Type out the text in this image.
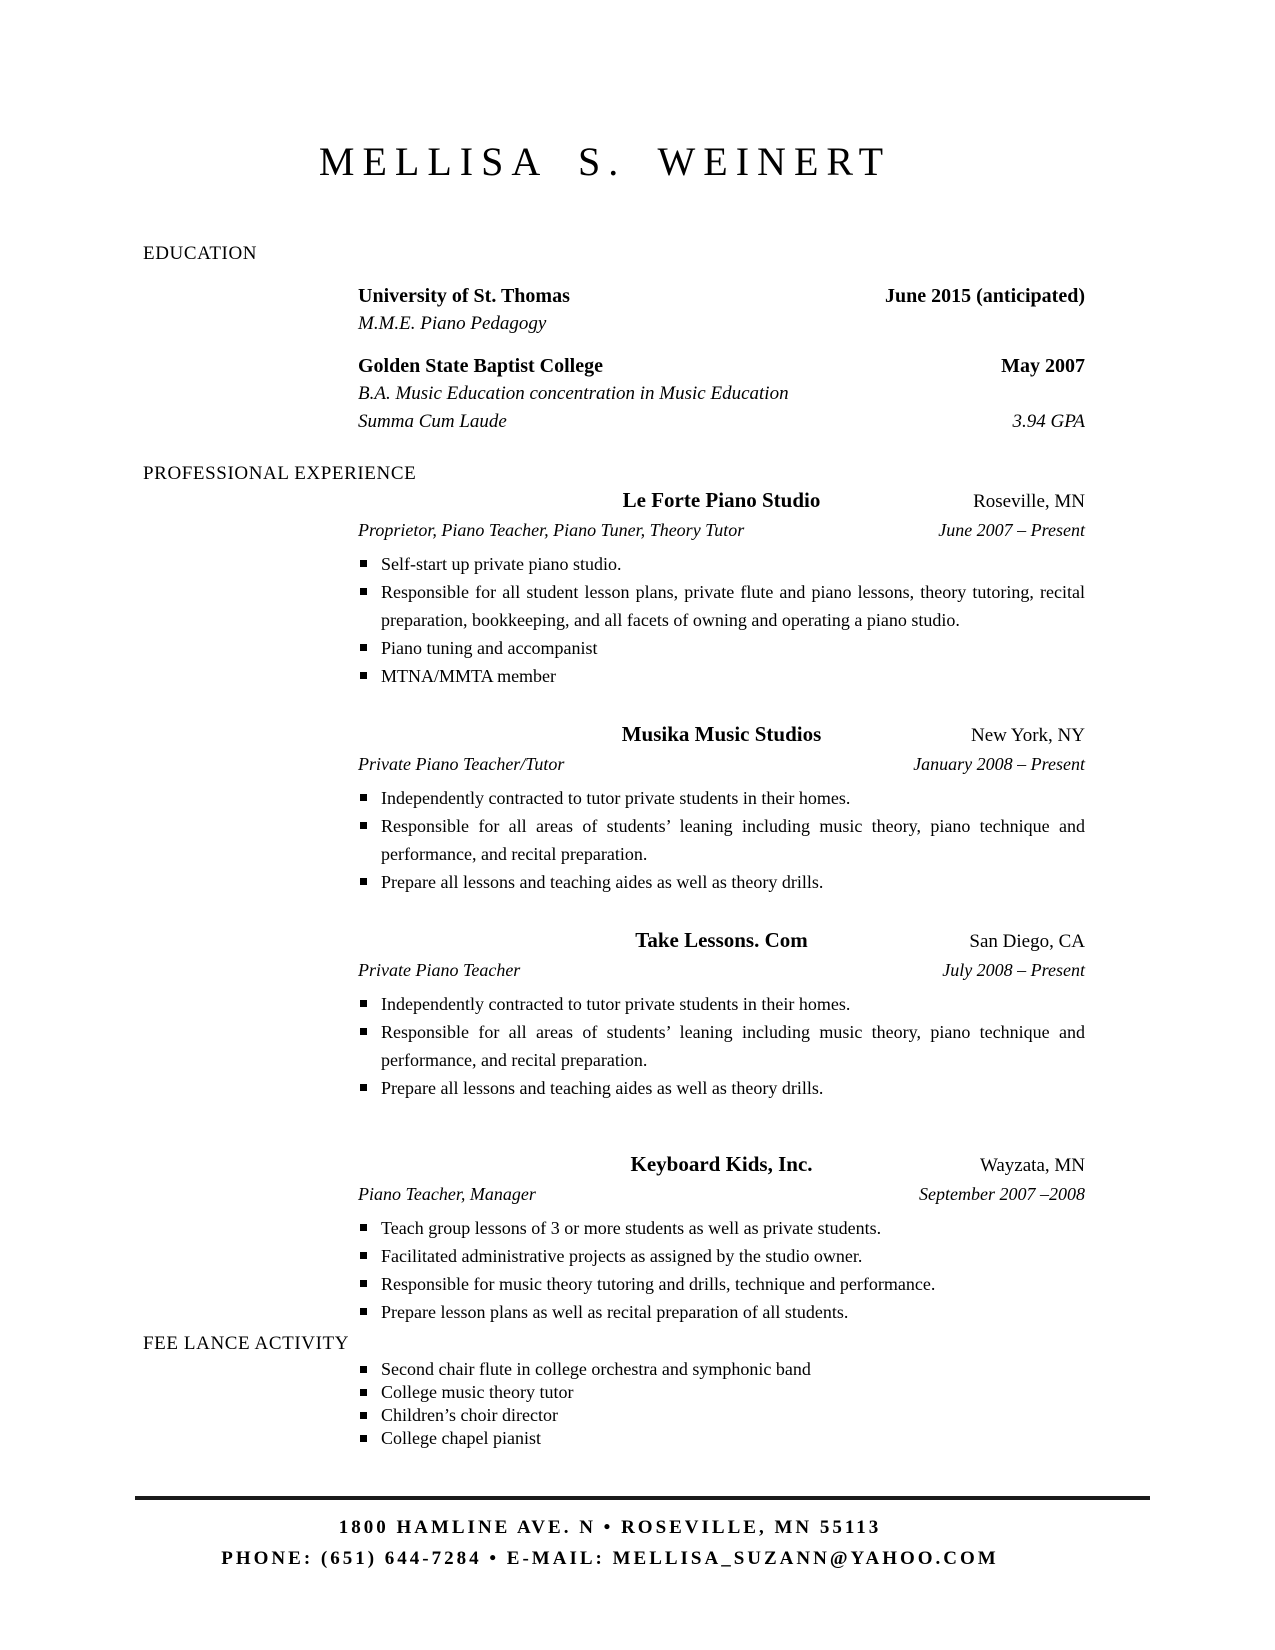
MELLISA S. WEINERT
EDUCATION
University of St. Thomas	June 2015 (anticipated)
M.M.E. Piano Pedagogy
Golden State Baptist College	May 2007
B.A. Music Education concentration in Music Education
Summa Cum Laude	3.94 GPA
PROFESSIONAL EXPERIENCE
Le Forte Piano Studio	Roseville, MN
Proprietor, Piano Teacher, Piano Tuner, Theory Tutor	June 2007 – Present
Self-start up private piano studio.
Responsible for all student lesson plans, private flute and piano lessons, theory tutoring, recital preparation, bookkeeping, and all facets of owning and operating a piano studio.
Piano tuning and accompanist
MTNA/MMTA member
Musika Music Studios	New York, NY
Private Piano Teacher/Tutor	January 2008 – Present
Independently contracted to tutor private students in their homes.
Responsible for all areas of students’ leaning including music theory, piano technique and performance, and recital preparation.
Prepare all lessons and teaching aides as well as theory drills.
Take Lessons. Com	San Diego, CA
Private Piano Teacher	July 2008 – Present
Independently contracted to tutor private students in their homes.
Responsible for all areas of students’ leaning including music theory, piano technique and performance, and recital preparation.
Prepare all lessons and teaching aides as well as theory drills.
Keyboard Kids, Inc.	Wayzata, MN
Piano Teacher, Manager	September 2007 –2008
Teach group lessons of 3 or more students as well as private students.
Facilitated administrative projects as assigned by the studio owner.
Responsible for music theory tutoring and drills, technique and performance.
Prepare lesson plans as well as recital preparation of all students.
FEE LANCE ACTIVITY
Second chair flute in college orchestra and symphonic band
College music theory tutor
Children’s choir director
College chapel pianist
1800 HAMLINE AVE. N • ROSEVILLE, MN 55113
PHONE: (651) 644-7284 • E-MAIL: MELLISA_SUZANN@YAHOO.COM
